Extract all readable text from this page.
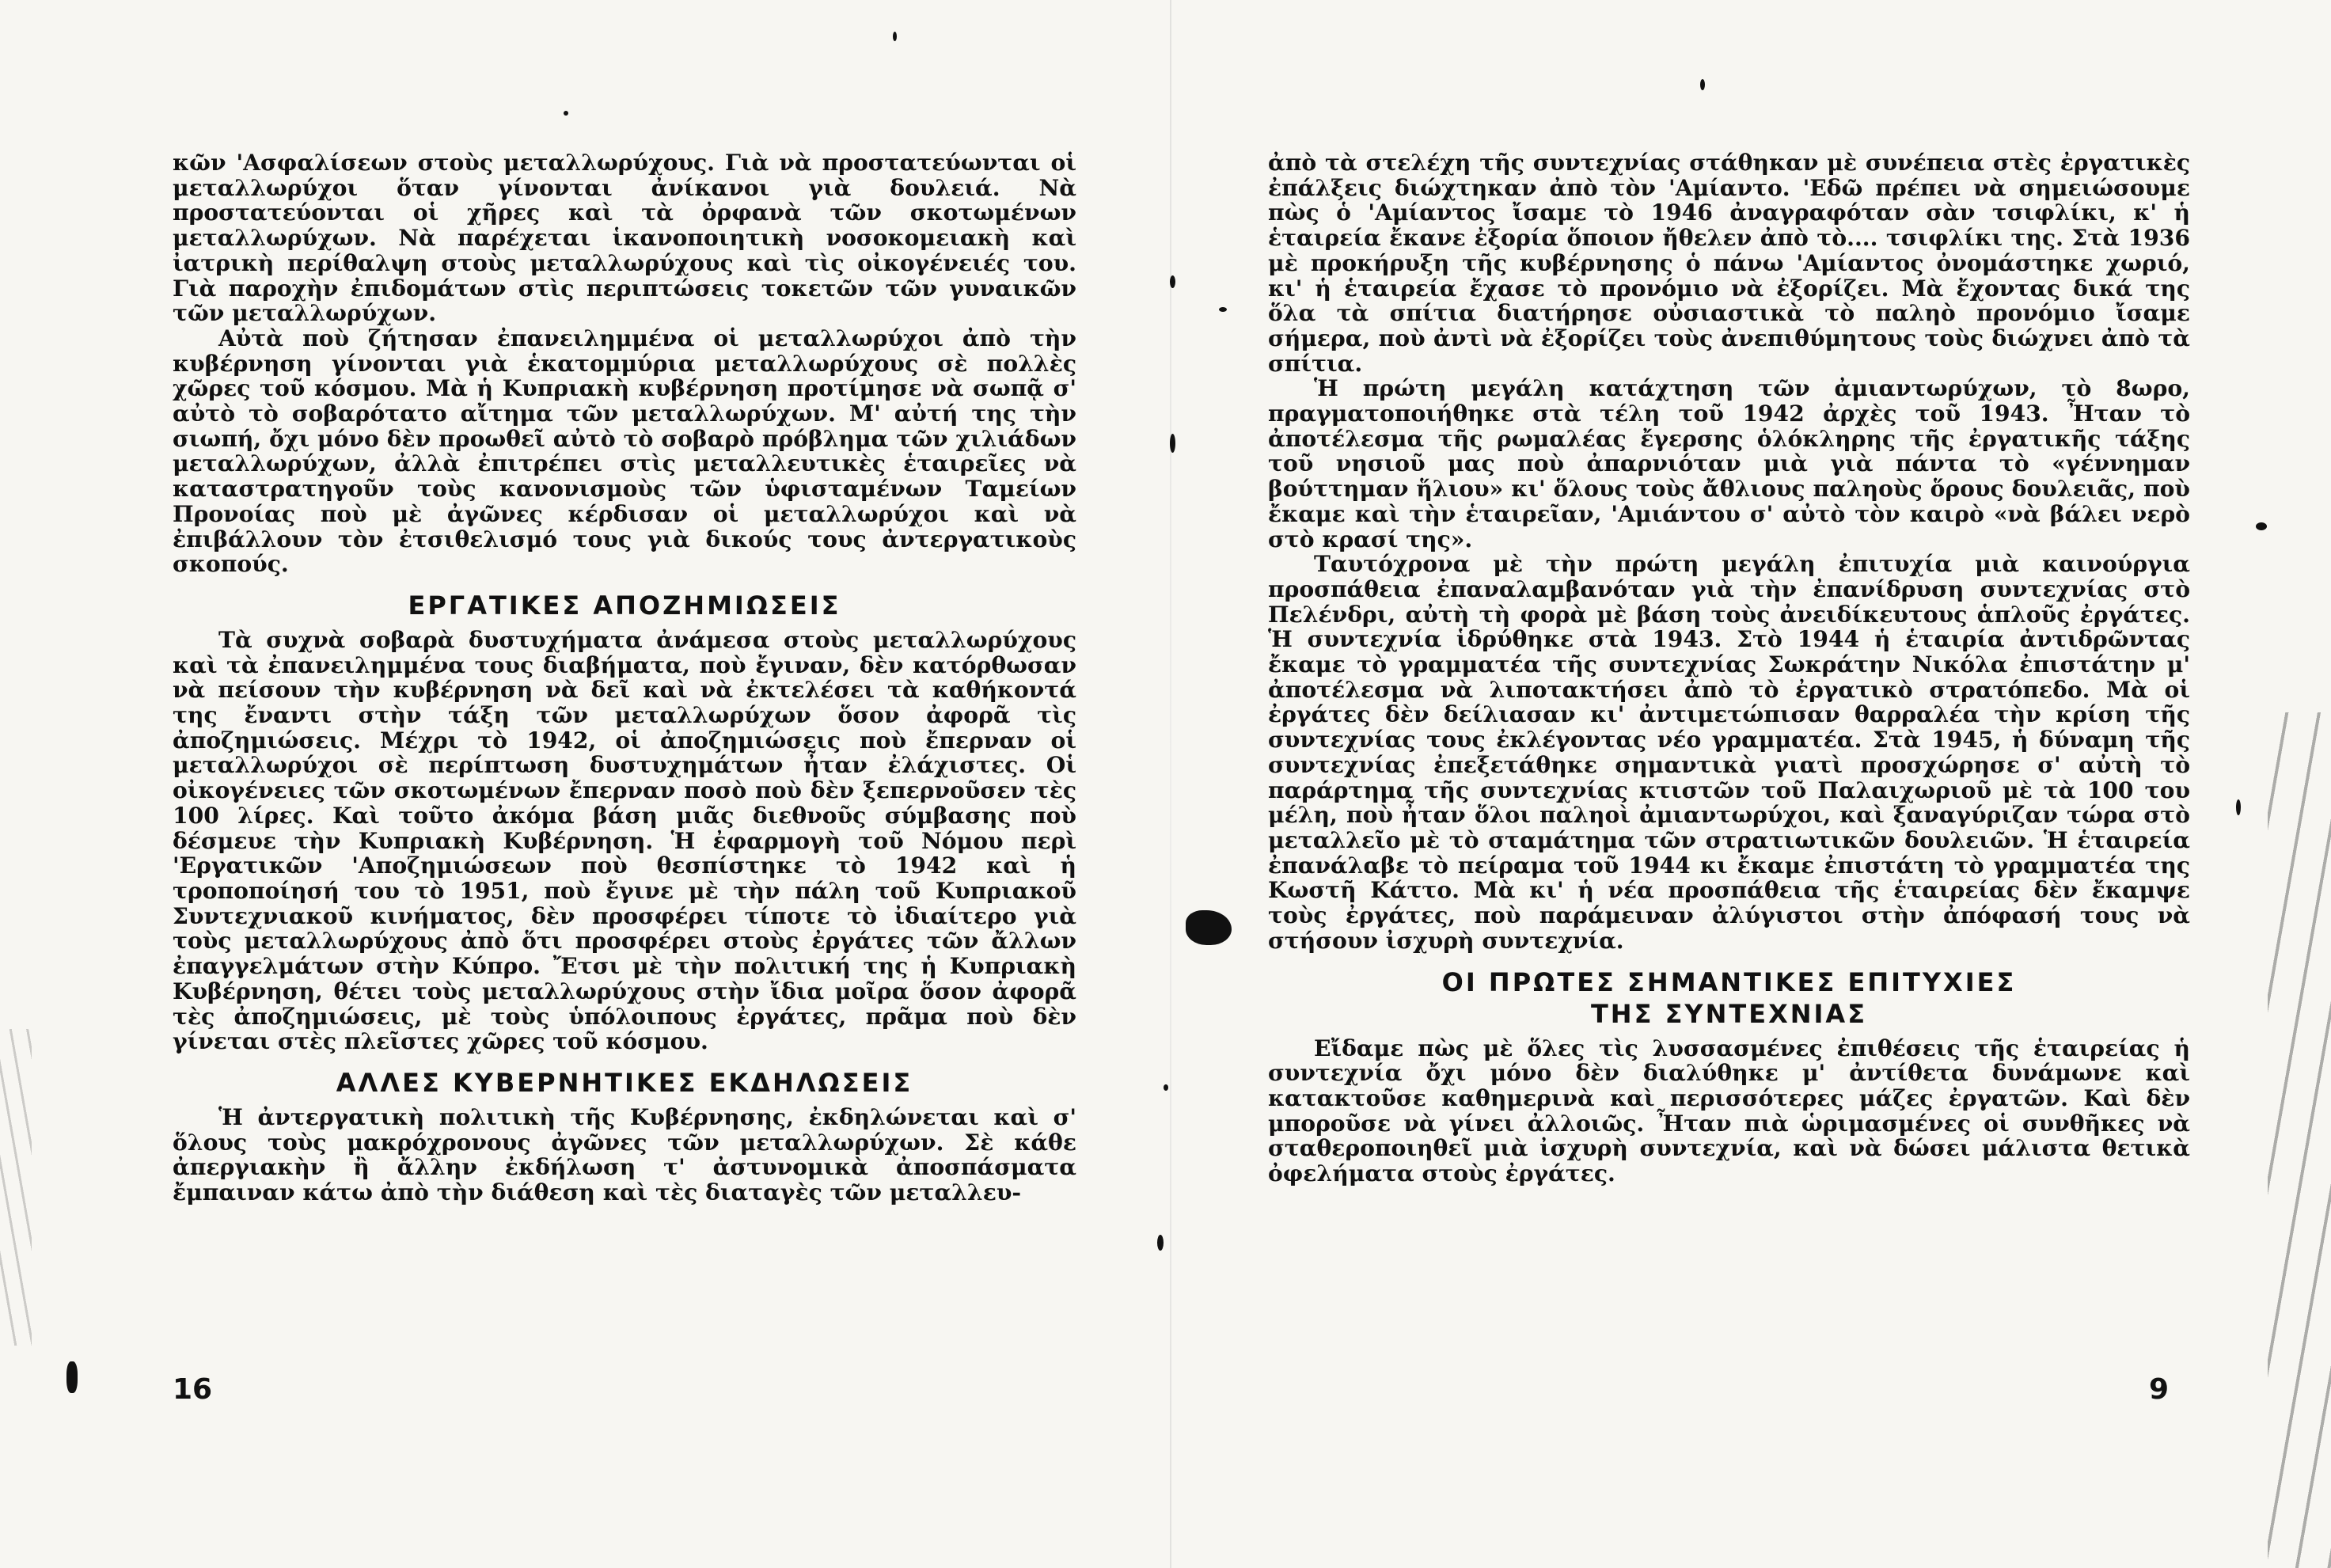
κῶν 'Ασφαλίσεων στοὺς μεταλλωρύχους. Γιὰ νὰ προστατεύωνται οἱ μεταλλωρύχοι ὅταν γίνονται ἀνίκανοι γιὰ δουλειά. Νὰ προστατεύονται οἱ χῆρες καὶ τὰ ὀρφανὰ τῶν σκοτωμένων μεταλλωρύχων. Νὰ παρέχεται ἱκανοποιητικὴ νοσοκομειακὴ καὶ ἰατρικὴ περίθαλψη στοὺς μεταλλωρύχους καὶ τὶς οἰκογένειές του. Γιὰ παροχὴν ἐπιδομάτων στὶς περιπτώσεις τοκετῶν τῶν γυναικῶν τῶν μεταλλωρύχων.

Αὐτὰ ποὺ ζήτησαν ἐπανειλημμένα οἱ μεταλλωρύχοι ἀπὸ τὴν κυβέρνηση γίνονται γιὰ ἑκατομμύρια μεταλλωρύχους σὲ πολλὲς χῶρες τοῦ κόσμου. Μὰ ἡ Κυπριακὴ κυβέρνηση προτίμησε νὰ σωπᾷ σ' αὐτὸ τὸ σοβαρότατο αἴτημα τῶν μεταλλωρύχων. Μ' αὐτή της τὴν σιωπή, ὄχι μόνο δὲν προωθεῖ αὐτὸ τὸ σοβαρὸ πρόβλημα τῶν χιλιάδων μεταλλωρύχων, ἀλλὰ ἐπιτρέπει στὶς μεταλλευτικὲς ἑταιρεῖες νὰ καταστρατηγοῦν τοὺς κανονισμοὺς τῶν ὑφισταμένων Ταμείων Προνοίας ποὺ μὲ ἀγῶνες κέρδισαν οἱ μεταλλωρύχοι καὶ νὰ ἐπιβάλλουν τὸν ἐτσιθελισμό τους γιὰ δικούς τους ἀντεργατικοὺς σκοπούς.

ΕΡΓΑΤΙΚΕΣ ΑΠΟΖΗΜΙΩΣΕΙΣ

Τὰ συχνὰ σοβαρὰ δυστυχήματα ἀνάμεσα στοὺς μεταλλωρύχους καὶ τὰ ἐπανειλημμένα τους διαβήματα, ποὺ ἔγιναν, δὲν κατόρθωσαν νὰ πείσουν τὴν κυβέρνηση νὰ δεῖ καὶ νὰ ἐκτελέσει τὰ καθήκοντά της ἔναντι στὴν τάξη τῶν μεταλλωρύχων ὅσον ἀφορᾶ τὶς ἀποζημιώσεις. Μέχρι τὸ 1942, οἱ ἀποζημιώσεις ποὺ ἔπερναν οἱ μεταλλωρύχοι σὲ περίπτωση δυστυχημάτων ἦταν ἐλάχιστες. Οἱ οἰκογένειες τῶν σκοτωμένων ἔπερναν ποσὸ ποὺ δὲν ξεπερνοῦσεν τὲς 100 λίρες. Καὶ τοῦτο ἀκόμα βάση μιᾶς διεθνοῦς σύμβασης ποὺ δέσμευε τὴν Κυπριακὴ Κυβέρνηση. Ἡ ἐφαρμογὴ τοῦ Νόμου περὶ 'Εργατικῶν 'Αποζημιώσεων ποὺ θεσπίστηκε τὸ 1942 καὶ ἡ τροποποίησή του τὸ 1951, ποὺ ἔγινε μὲ τὴν πάλη τοῦ Κυπριακοῦ Συντεχνιακοῦ κινήματος, δὲν προσφέρει τίποτε τὸ ἰδιαίτερο γιὰ τοὺς μεταλλωρύχους ἀπὸ ὅτι προσφέρει στοὺς ἐργάτες τῶν ἄλλων ἐπαγγελμάτων στὴν Κύπρο. Ἔτσι μὲ τὴν πολιτική της ἡ Κυπριακὴ Κυβέρνηση, θέτει τοὺς μεταλλωρύχους στὴν ἴδια μοῖρα ὅσον ἀφορᾶ τὲς ἀποζημιώσεις, μὲ τοὺς ὑπόλοιπους ἐργάτες, πρᾶμα ποὺ δὲν γίνεται στὲς πλεῖστες χῶρες τοῦ κόσμου.

ΑΛΛΕΣ ΚΥΒΕΡΝΗΤΙΚΕΣ ΕΚΔΗΛΩΣΕΙΣ

Ἡ ἀντεργατικὴ πολιτικὴ τῆς Κυβέρνησης, ἐκδηλώνεται καὶ σ' ὅλους τοὺς μακρόχρονους ἀγῶνες τῶν μεταλλωρύχων. Σὲ κάθε ἀπεργιακὴν ἢ ἄλλην ἐκδήλωση τ' ἀστυνομικὰ ἀποσπάσματα ἔμπαιναν κάτω ἀπὸ τὴν διάθεση καὶ τὲς διαταγὲς τῶν μεταλλευ-

16

ἀπὸ τὰ στελέχη τῆς συντεχνίας στάθηκαν μὲ συνέπεια στὲς ἐργατικὲς ἐπάλξεις διώχτηκαν ἀπὸ τὸν 'Αμίαντο. 'Εδῶ πρέπει νὰ σημειώσουμε πὼς ὁ 'Αμίαντος ἴσαμε τὸ 1946 ἀναγραφόταν σὰν τσιφλίκι, κ' ἡ ἑταιρεία ἔκανε ἐξορία ὅποιον ἤθελεν ἀπὸ τὸ.... τσιφλίκι της. Στὰ 1936 μὲ προκήρυξη τῆς κυβέρνησης ὁ πάνω 'Αμίαντος ὀνομάστηκε χωριό, κι' ἡ ἑταιρεία ἔχασε τὸ προνόμιο νὰ ἐξορίζει. Μὰ ἔχοντας δικά της ὅλα τὰ σπίτια διατήρησε οὐσιαστικὰ τὸ παληὸ προνόμιο ἴσαμε σήμερα, ποὺ ἀντὶ νὰ ἐξορίζει τοὺς ἀνεπιθύμητους τοὺς διώχνει ἀπὸ τὰ σπίτια.

Ἡ πρώτη μεγάλη κατάχτηση τῶν ἀμιαντωρύχων, τὸ 8ωρο, πραγματοποιήθηκε στὰ τέλη τοῦ 1942 ἀρχὲς τοῦ 1943. Ἦταν τὸ ἀποτέλεσμα τῆς ρωμαλέας ἔγερσης ὁλόκληρης τῆς ἐργατικῆς τάξης τοῦ νησιοῦ μας ποὺ ἀπαρνιόταν μιὰ γιὰ πάντα τὸ «γέννημαν βούττημαν ἥλιου» κι' ὅλους τοὺς ἄθλιους παληοὺς ὅρους δουλειᾶς, ποὺ ἔκαμε καὶ τὴν ἑταιρεῖαν, 'Αμιάντου σ' αὐτὸ τὸν καιρὸ «νὰ βάλει νερὸ στὸ κρασί της».

Ταυτόχρονα μὲ τὴν πρώτη μεγάλη ἐπιτυχία μιὰ καινούργια προσπάθεια ἐπαναλαμβανόταν γιὰ τὴν ἐπανίδρυση συντεχνίας στὸ Πελένδρι, αὐτὴ τὴ φορὰ μὲ βάση τοὺς ἀνειδίκευτους ἁπλοῦς ἐργάτες. Ἡ συντεχνία ἱδρύθηκε στὰ 1943. Στὸ 1944 ἡ ἑταιρία ἀντιδρῶντας ἔκαμε τὸ γραμματέα τῆς συντεχνίας Σωκράτην Νικόλα ἐπιστάτην μ' ἀποτέλεσμα νὰ λιποτακτήσει ἀπὸ τὸ ἐργατικὸ στρατόπεδο. Μὰ οἱ ἐργάτες δὲν δείλιασαν κι' ἀντιμετώπισαν θαρραλέα τὴν κρίση τῆς συντεχνίας τους ἐκλέγοντας νέο γραμματέα. Στὰ 1945, ἡ δύναμη τῆς συντεχνίας ἐπεξετάθηκε σημαντικὰ γιατὶ προσχώρησε σ' αὐτὴ τὸ παράρτημα τῆς συντεχνίας κτιστῶν τοῦ Παλαιχωριοῦ μὲ τὰ 100 του μέλη, ποὺ ἦταν ὅλοι παληοὶ ἀμιαντωρύχοι, καὶ ξαναγύριζαν τώρα στὸ μεταλλεῖο μὲ τὸ σταμάτημα τῶν στρατιωτικῶν δουλειῶν. Ἡ ἑταιρεία ἐπανάλαβε τὸ πείραμα τοῦ 1944 κι ἔκαμε ἐπιστάτη τὸ γραμματέα της Κωστῆ Κάττο. Μὰ κι' ἡ νέα προσπάθεια τῆς ἑταιρείας δὲν ἔκαμψε τοὺς ἐργάτες, ποὺ παράμειναν ἀλύγιστοι στὴν ἀπόφασή τους νὰ στήσουν ἰσχυρὴ συντεχνία.

ΟΙ ΠΡΩΤΕΣ ΣΗΜΑΝΤΙΚΕΣ ΕΠΙΤΥΧΙΕΣ
ΤΗΣ ΣΥΝΤΕΧΝΙΑΣ

Εἴδαμε πὼς μὲ ὅλες τὶς λυσσασμένες ἐπιθέσεις τῆς ἑταιρείας ἡ συντεχνία ὄχι μόνο δὲν διαλύθηκε μ' ἀντίθετα δυνάμωνε καὶ κατακτοῦσε καθημερινὰ καὶ περισσότερες μάζες ἐργατῶν. Καὶ δὲν μποροῦσε νὰ γίνει ἀλλοιῶς. Ἦταν πιὰ ὡριμασμένες οἱ συνθῆκες νὰ σταθεροποιηθεῖ μιὰ ἰσχυρὴ συντεχνία, καὶ νὰ δώσει μάλιστα θετικὰ ὀφελήματα στοὺς ἐργάτες.

9
